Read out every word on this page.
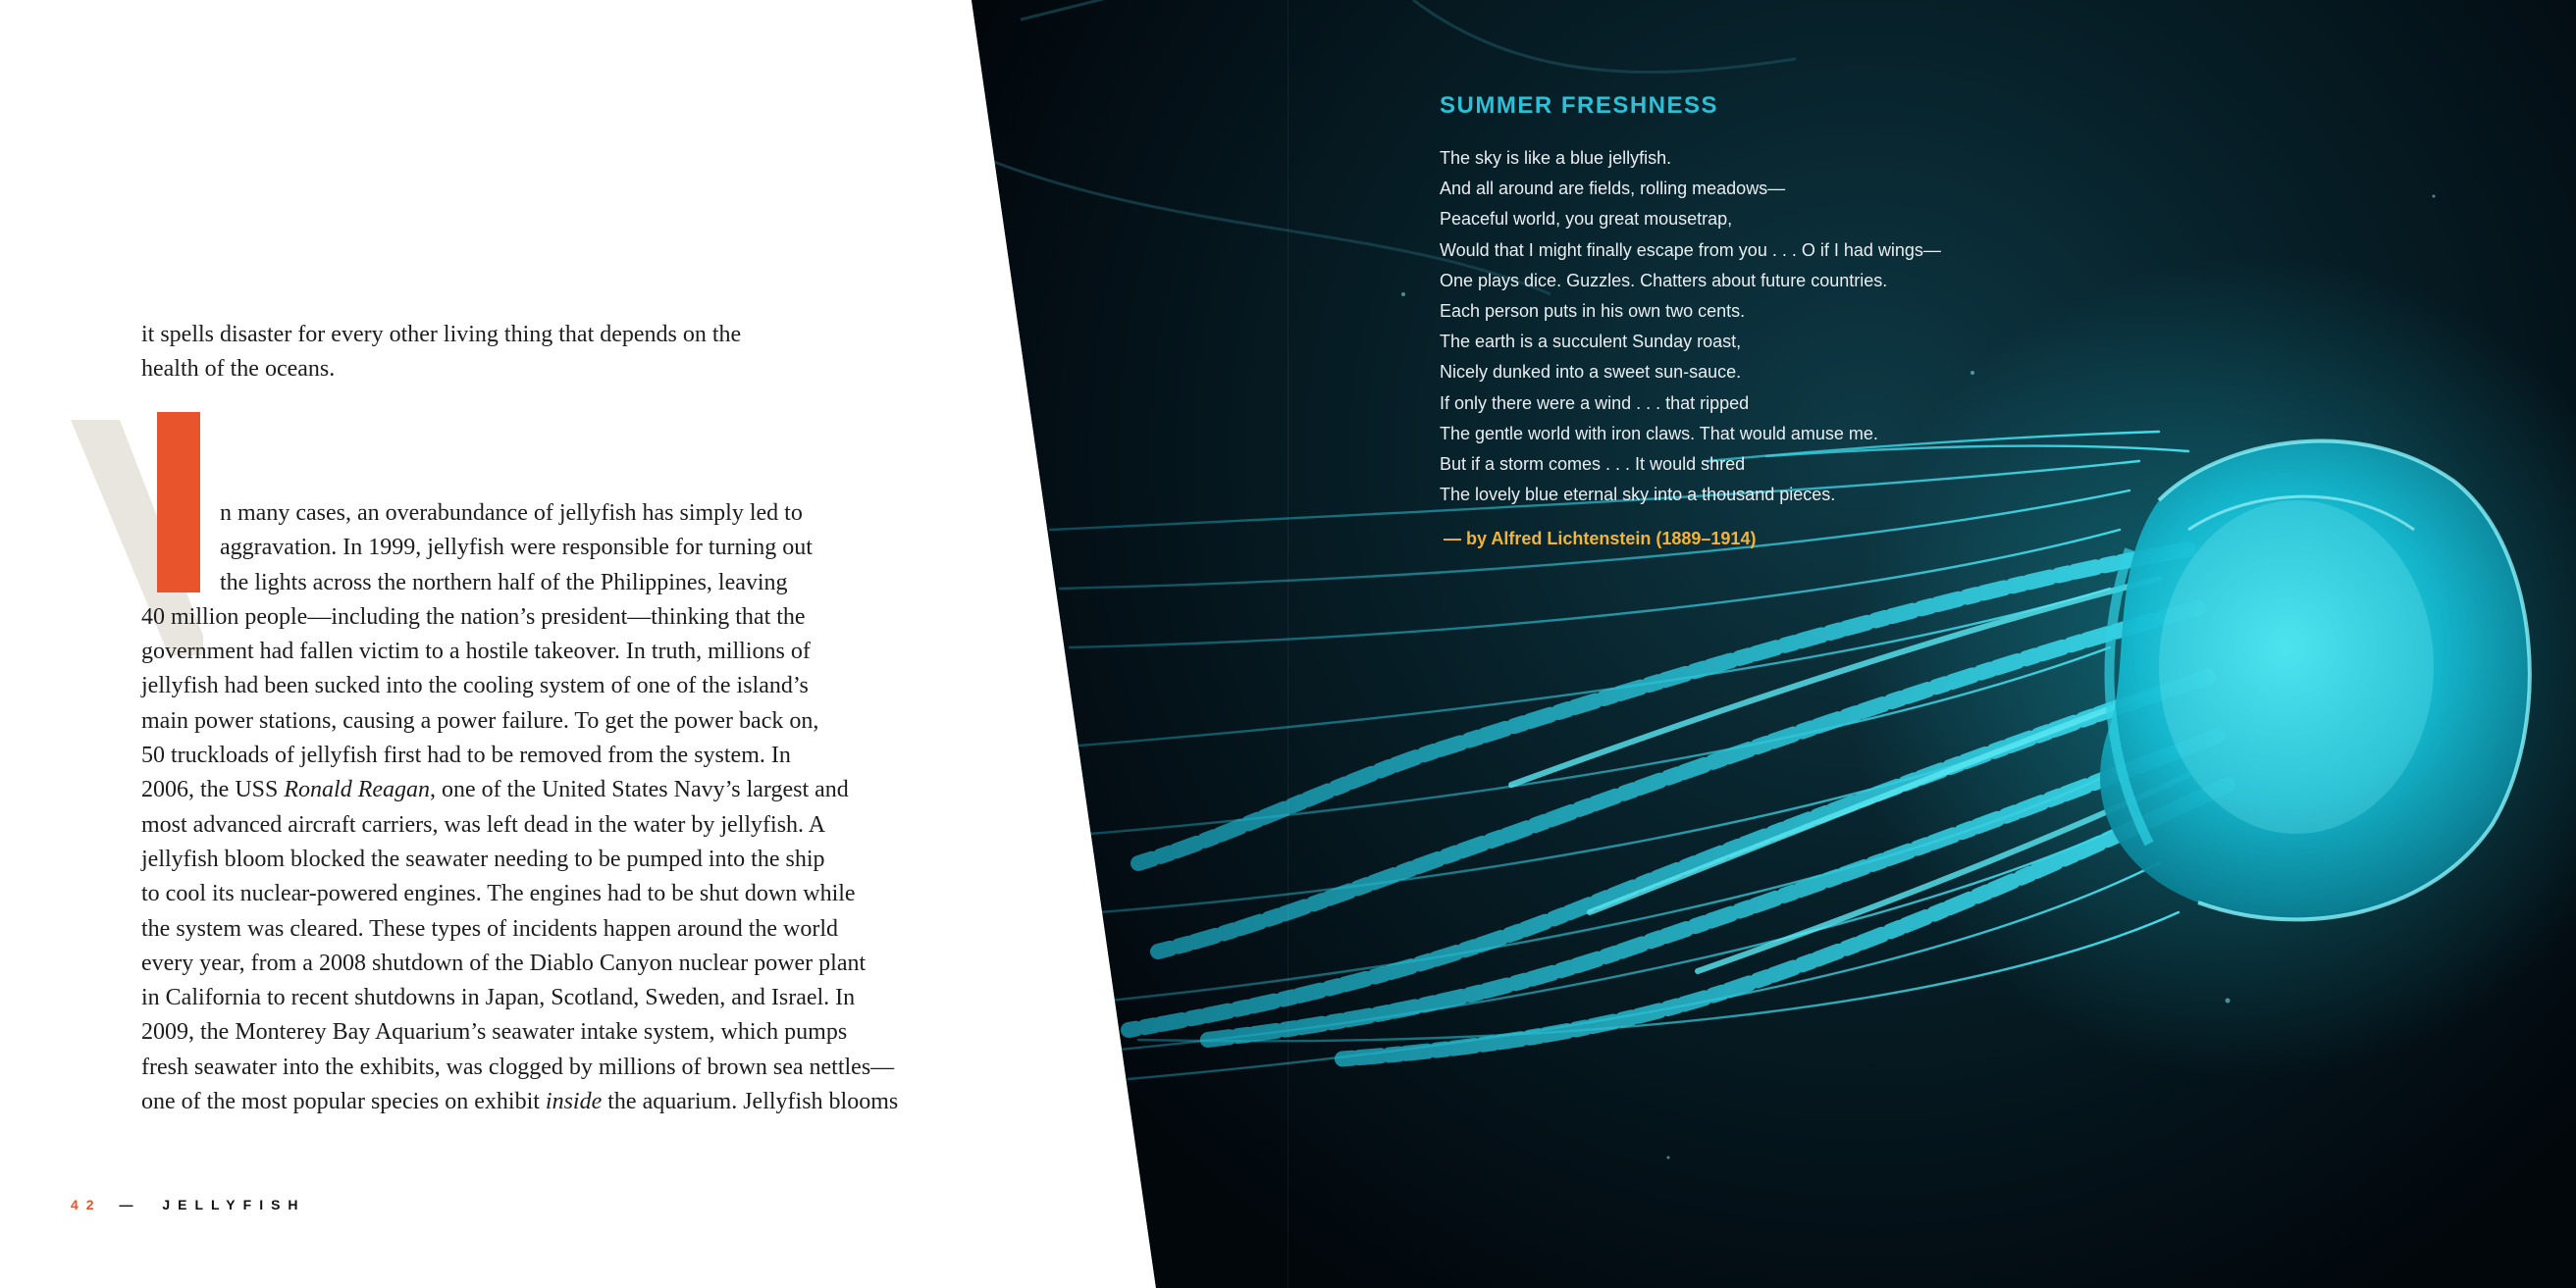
it spells disaster for every other living thing that depends on the
health of the oceans.

n many cases, an overabundance of jellyfish has simply led to
aggravation. In 1999, jellyfish were responsible for turning out
the lights across the northern half of the Philippines, leaving
40 million people—including the nation’s president—thinking that the
government had fallen victim to a hostile takeover. In truth, millions of
jellyfish had been sucked into the cooling system of one of the island’s
main power stations, causing a power failure. To get the power back on,
50 truckloads of jellyfish first had to be removed from the system. In
2006, the USS Ronald Reagan, one of the United States Navy’s largest and
most advanced aircraft carriers, was left dead in the water by jellyfish. A
jellyfish bloom blocked the seawater needing to be pumped into the ship
to cool its nuclear-powered engines. The engines had to be shut down while
the system was cleared. These types of incidents happen around the world
every year, from a 2008 shutdown of the Diablo Canyon nuclear power plant
in California to recent shutdowns in Japan, Scotland, Sweden, and Israel. In
2009, the Monterey Bay Aquarium’s seawater intake system, which pumps
fresh seawater into the exhibits, was clogged by millions of brown sea nettles—
one of the most popular species on exhibit inside the aquarium. Jellyfish blooms

42 — JELLYFISH
SUMMER FRESHNESS
The sky is like a blue jellyfish.
And all around are fields, rolling meadows—
Peaceful world, you great mousetrap,
Would that I might finally escape from you . . . O if I had wings—
One plays dice. Guzzles. Chatters about future countries.
Each person puts in his own two cents.
The earth is a succulent Sunday roast,
Nicely dunked into a sweet sun-sauce.
If only there were a wind . . . that ripped
The gentle world with iron claws. That would amuse me.
But if a storm comes . . . It would shred
The lovely blue eternal sky into a thousand pieces.

— by Alfred Lichtenstein (1889–1914)
